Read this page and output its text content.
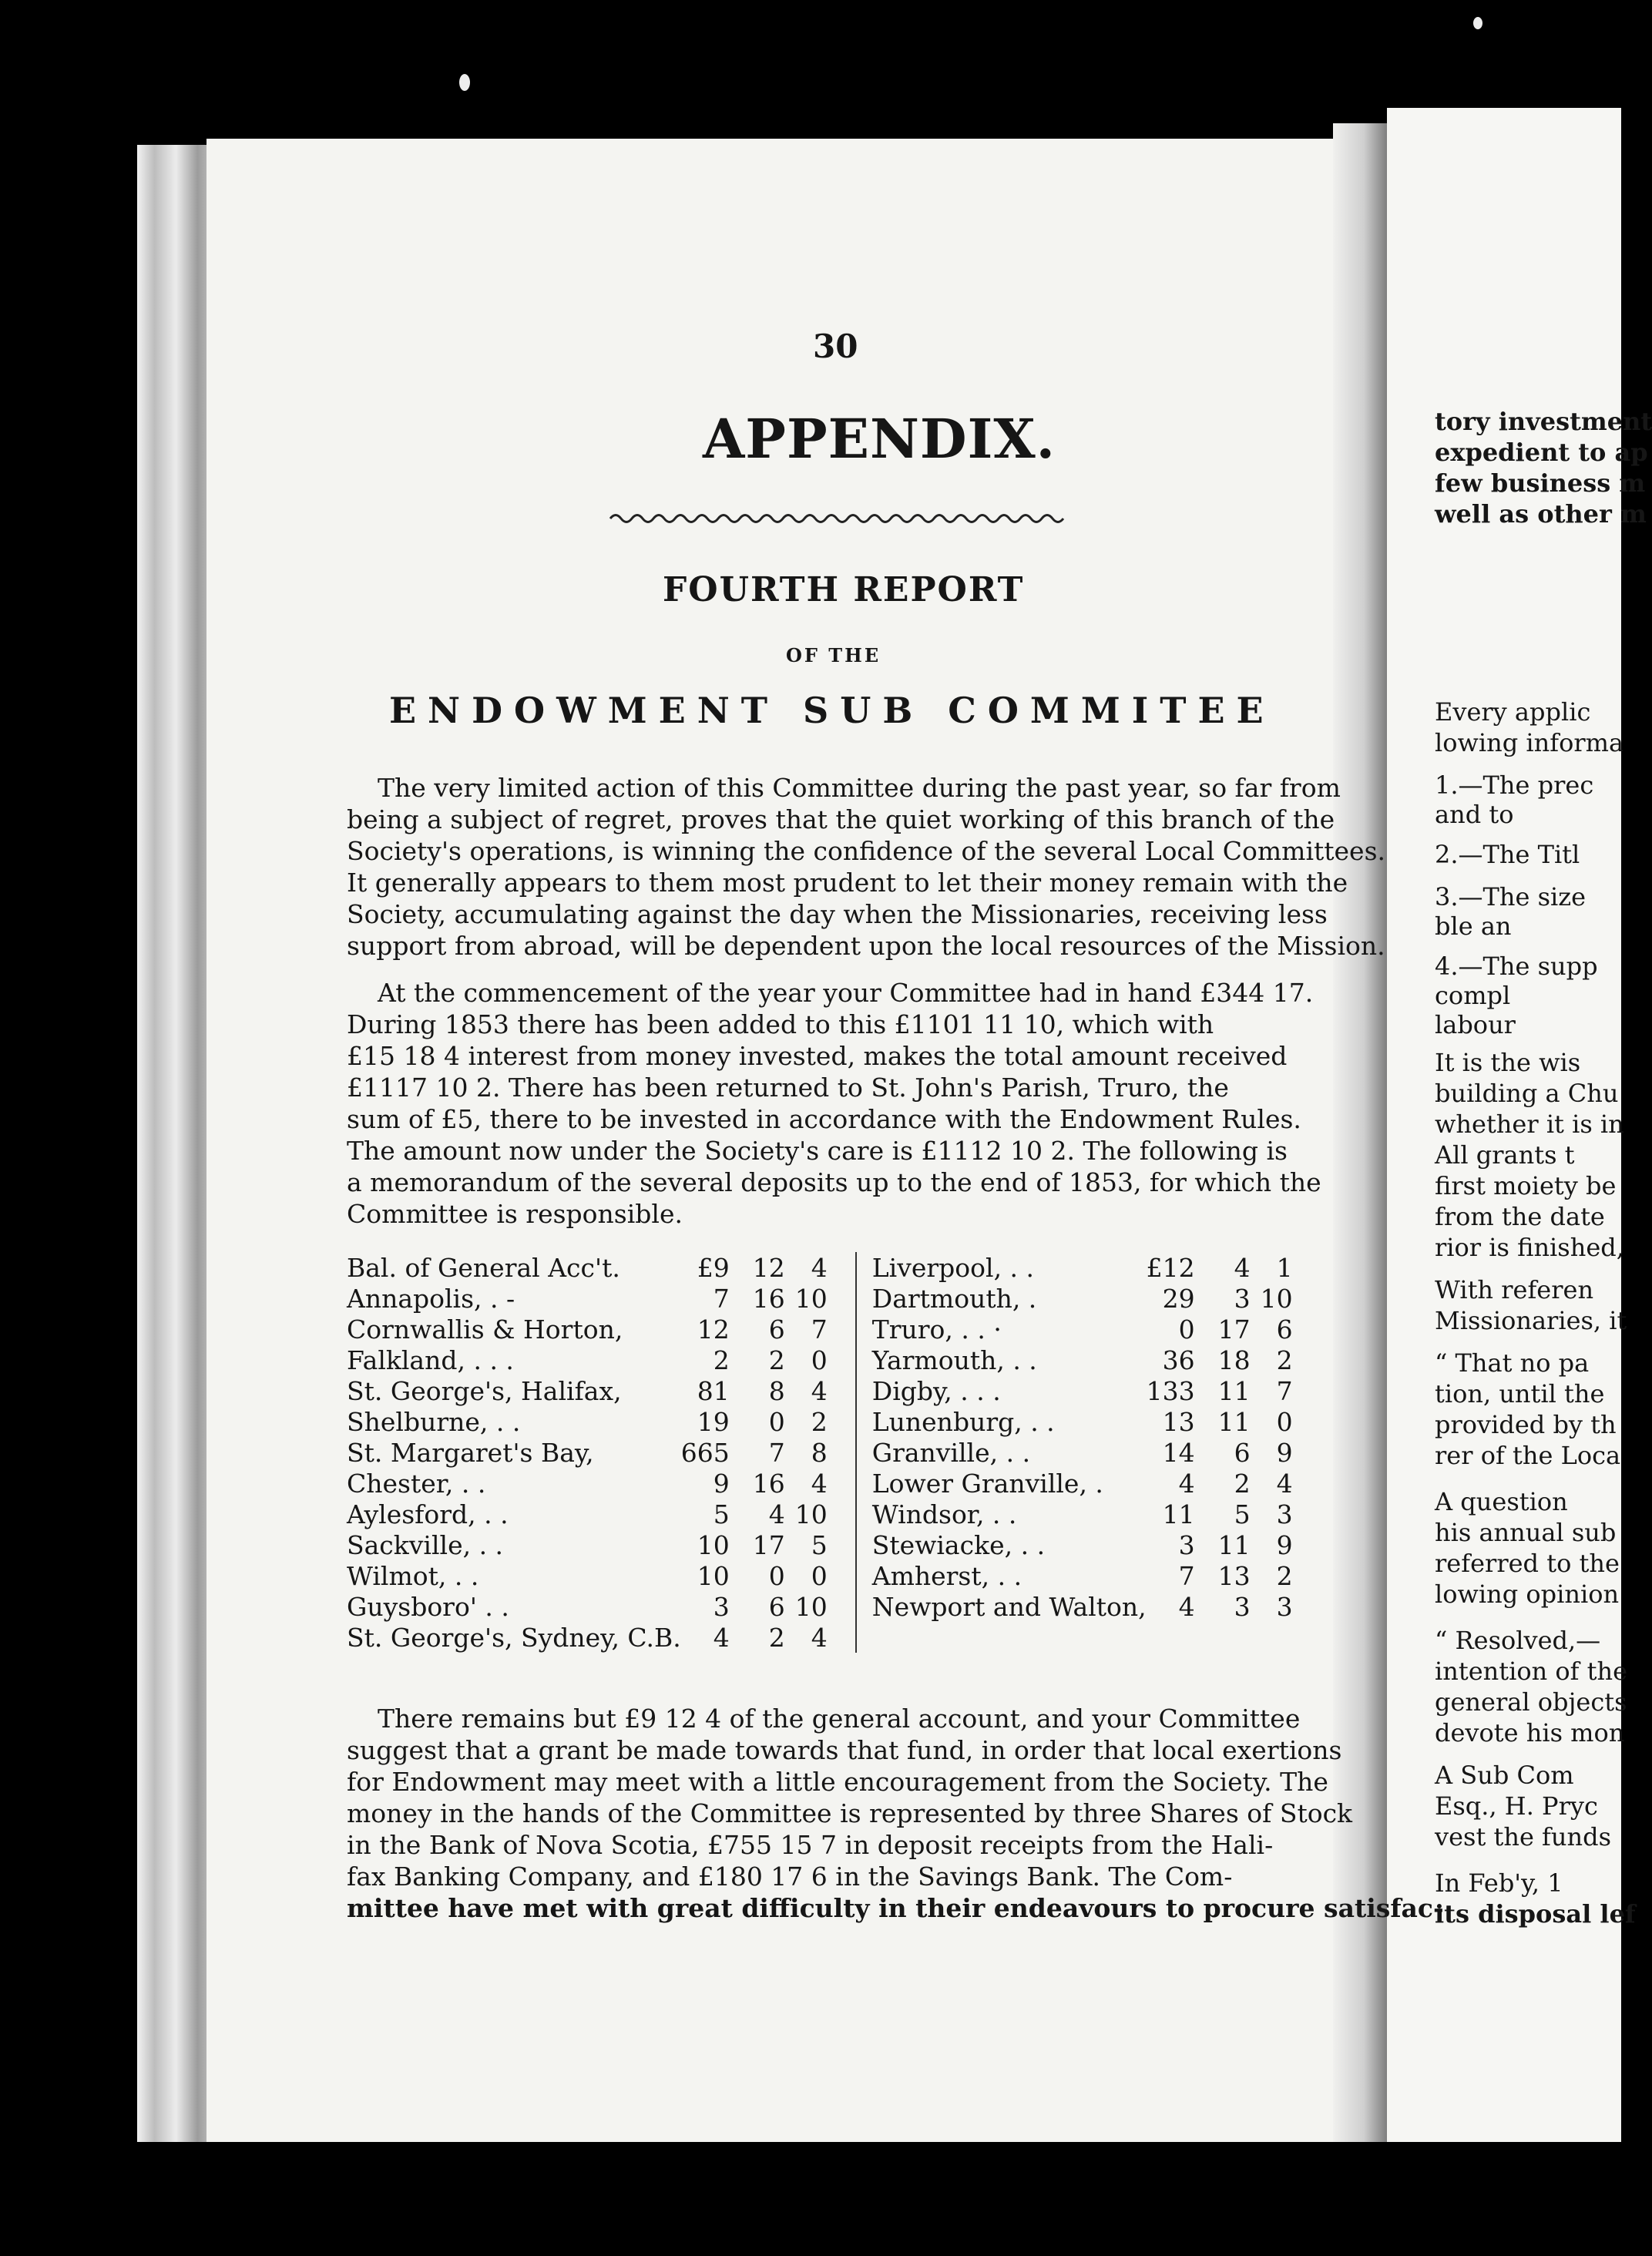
30
APPENDIX.
FOURTH REPORT
OF THE
ENDOWMENT SUB COMMITEE
The very limited action of this Committee during the past year, so far from
being a subject of regret, proves that the quiet working of this branch of the
Society's operations, is winning the confidence of the several Local Committees.
It generally appears to them most prudent to let their money remain with the
Society, accumulating against the day when the Missionaries, receiving less
support from abroad, will be dependent upon the local resources of the Mission.
At the commencement of the year your Committee had in hand £344 17.
During 1853 there has been added to this £1101 11 10, which with
£15 18 4 interest from money invested, makes the total amount received
£1117 10 2. There has been returned to St. John's Parish, Truro, the
sum of £5, there to be invested in accordance with the Endowment Rules.
The amount now under the Society's care is £1112 10 2. The following is
a memorandum of the several deposits up to the end of 1853, for which the
Committee is responsible.
Bal. of General Acc't.	£9	12	4		Liverpool, . .	£12	4	1
Annapolis, . -	7	16	10		Dartmouth, .	29	3	10
Cornwallis & Horton,	12	6	7		Truro, . . ·	0	17	6
Falkland, . . .	2	2	0		Yarmouth, . .	36	18	2
St. George's, Halifax,	81	8	4		Digby, . . .	133	11	7
Shelburne, . .	19	0	2		Lunenburg, . .	13	11	0
St. Margaret's Bay,	665	7	8		Granville, . .	14	6	9
Chester, . .	9	16	4		Lower Granville, .	4	2	4
Aylesford, . .	5	4	10		Windsor, . .	11	5	3
Sackville, . .	10	17	5		Stewiacke, . .	3	11	9
Wilmot, . .	10	0	0		Amherst, . .	7	13	2
Guysboro' . .	3	6	10		Newport and Walton,	4	3	3
St. George's, Sydney, C.B.	4	2	4					
There remains but £9 12 4 of the general account, and your Committee
suggest that a grant be made towards that fund, in order that local exertions
for Endowment may meet with a little encouragement from the Society. The
money in the hands of the Committee is represented by three Shares of Stock
in the Bank of Nova Scotia, £755 15 7 in deposit receipts from the Hali-
fax Banking Company, and £180 17 6 in the Savings Bank. The Com-
mittee have met with great difficulty in their endeavours to procure satisfac-
tory investment
expedient to ap
few business m
well as other m
Every applic
lowing informa
1.—The prec
and to
2.—The Titl
3.—The size
ble an
4.—The supp
compl
labour
It is the wis
building a Chu
whether it is in
All grants t
first moiety be
from the date
rior is finished,
With referen
Missionaries, it
“ That no pa
tion, until the
provided by th
rer of the Loca
A question
his annual sub
referred to the
lowing opinion
“ Resolved,—
intention of the
general objects
devote his mon
A Sub Com
Esq., H. Pryc
vest the funds
In Feb'y, 1
its disposal lef
